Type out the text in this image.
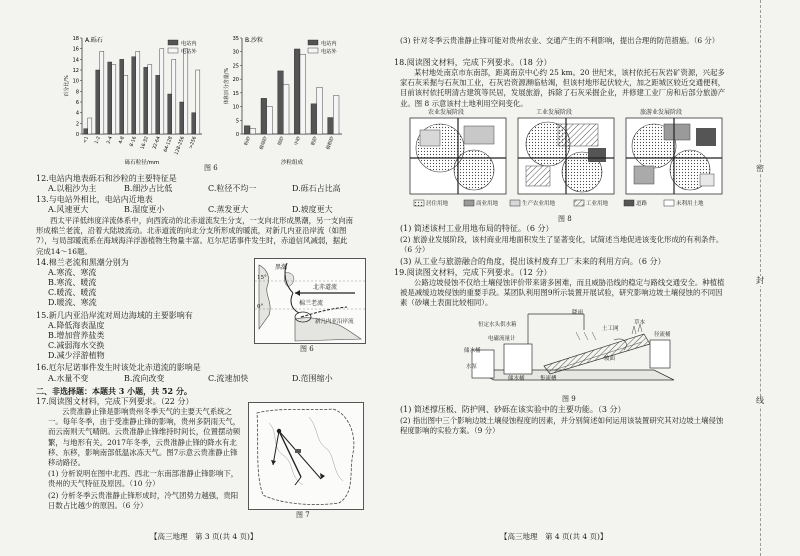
0
2
4
6
8
10
12
14
16
18 A.砾石
百分比/%
<1 1-2 2-4 4-8 8-16 16-32 32-64 64-128 128-256 >256
砾石粒径/mm
电站内
电站外
0
5
10
15
20
25
30
35 B.沙粒
体积百分含量/%
粉砂	极细砂	细砂	中砂	粗砂	极粗砂
沙粒组成
电站内
电站外
图 6
12.电站内地表砾石和沙粒的主要特征是
A.以粗沙为主	B.细沙占比低	C.粒径不均一	D.砾石占比高
13.与电站外相比，电站内近地表
A.风速更大	B.湿度更小	C.蒸发更大	D.坡度更大
西太平洋低纬度洋流体系中，向西流动的北赤道流发生分支，一支向北形成黑潮，另一支向南形成棉兰老流，沿着大陆坡流动。北赤道流的向北分支所形成的暖流，对新几内亚沿岸流（如图7），与局部暖流系在海域海洋浮游植物生物量丰富。厄尔尼诺事件发生时，赤道信风减弱，据此完成14～16题。
14.棉兰老流和黑潮分别为
A.寒流、寒流
B.寒流、暖流
C.暖流、暖流
D.暖流、寒流
黑潮
北赤道流
棉兰老流
新几内亚沿岸流
15°
0°
图 6
15.新几内亚沿岸流对周边海域的主要影响有
A.降低海表温度
B.增加营养盐类
C.减弱海水交换
D.减少浮游植物
16.厄尔尼诺事件发生时该处北赤道流的影响是
A.水量不变	B.流向改变	C.流速加快	D.范围缩小
二、非选择题：本题共 3 小题，共 52 分。
17.阅读图文材料，完成下列要求。（22 分）
云贵准静止锋是影响贵州冬季天气的主要天气系统之一。每年冬季，由于受准静止锋的影响，贵州多阴雨天气，而云南则天气晴朗。云贵准静止锋维持时间长，位置摆动频繁，与地形有关。2017年冬季，云贵准静止锋的降水有北移、东移，影响南部低温冰冻天气。图7示意云贵准静止锋移动路径。
(1) 分析说明在图中北西、西北一东南部准静止锋影响下，贵州的天气特征及原因。（10 分）
(2) 分析冬季云贵准静止锋形成时，冷气团势力越强，贵阳日数占比越少的原因。（6 分）
图 7
【高三地理　第 3 页(共 4 页)】
(3) 针对冬季云贵准静止锋可能对贵州农业、交通产生的不利影响，提出合理的防范措施。（6 分）
18.阅读图文材料，完成下列要求。（18 分）
某村地处南京市东南部，距离南京中心约 25 km。20 世纪末，该村依托石灰岩矿资源，兴起多家石灰采掘与石灰加工业，石灰岩资源濒临枯竭，但该村地形起伏较大，加之距城区较近交通便利，目前该村依托明清古建筑等民居，发展旅游，拆除了石灰采掘企业，并修建工业厂房和后部分旅游产业。图 8 示意该村土地利用空间变化。
农业发展阶段	工业发展阶段	旅游业发展阶段
居住用地	商业用地	生产农业用地	工业用地	道路	未利用土地
图 8
(1) 简述该村工业用地布局的特征。（6 分）
(2) 旅游业发展阶段，该村商业用地面积发生了显著变化，试简述当地促进该变化形成的有利条件。（6 分）
(3) 从工业与旅游融合的角度，提出该村废弃工厂未来的利用方向。（6 分）
19.阅读图文材料，完成下列要求。（12 分）
公路边坡侵蚀不仅给土壤侵蚀评价带来诸多困难，而且威胁沿线的稳定与路线交通安全。种植植被是减缓边坡侵蚀的重要手段。某团队利用图9所示装置开展试验，研究影响边坡土壤侵蚀的不同因素（砂壤土表面比较相同）。
降雨
恒定水头供水箱
电磁流量计
储水桶
水泵
坡面
土工网
草本
径流桶
储水桶	集流槽
图 9
(1) 简述撑压板、防护网、砂砾在该实验中的主要功能。（3 分）
(2) 指出图中三个影响边坡土壤侵蚀程度的因素，并分别简述如何运用该装置研究其对边坡土壤侵蚀程度影响的实验方案。（9 分）
【高三地理　第 4 页(共 4 页)】
密
封
线
